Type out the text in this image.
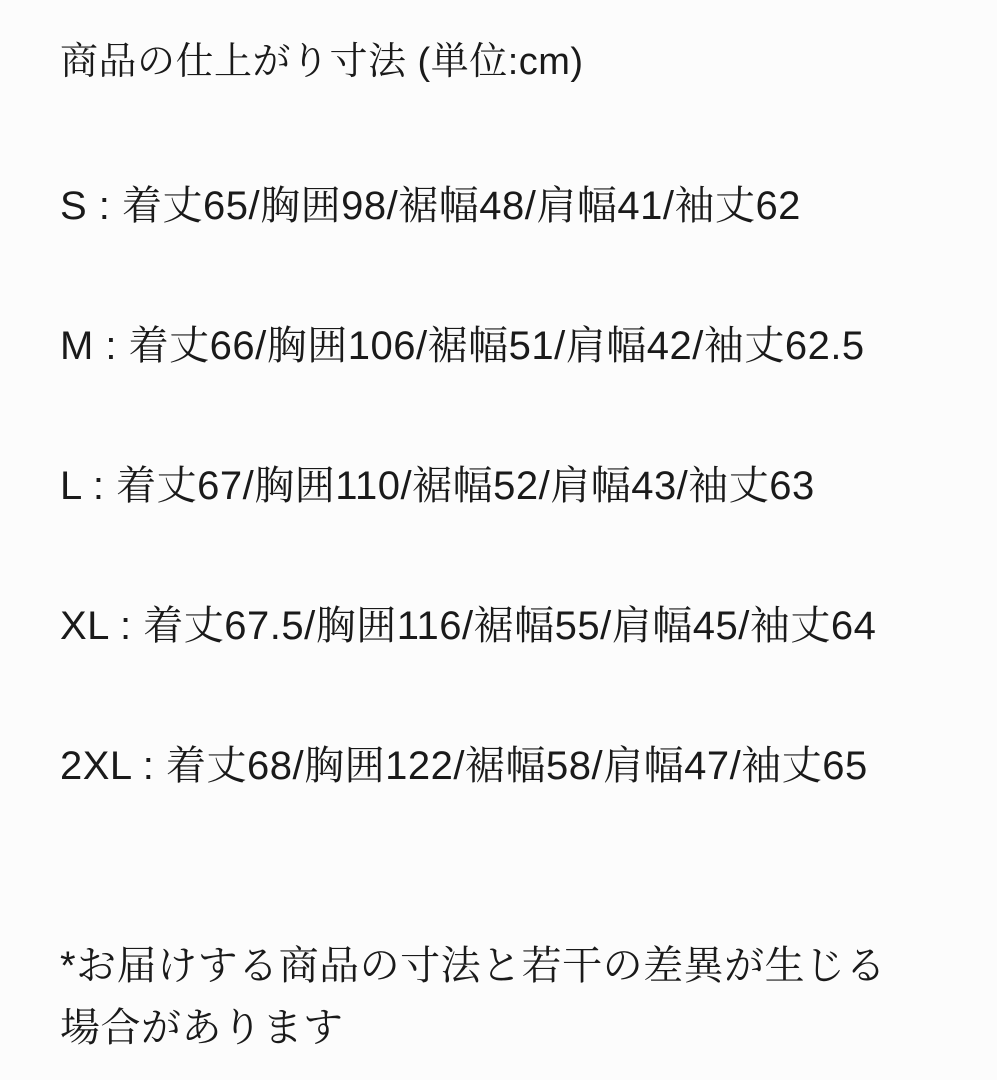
商品の仕上がり寸法 (単位:cm)
S : 着丈65/胸囲98/裾幅48/肩幅41/袖丈62
M : 着丈66/胸囲106/裾幅51/肩幅42/袖丈62.5
L : 着丈67/胸囲110/裾幅52/肩幅43/袖丈63
XL : 着丈67.5/胸囲116/裾幅55/肩幅45/袖丈64
2XL : 着丈68/胸囲122/裾幅58/肩幅47/袖丈65
*お届けする商品の寸法と若干の差異が生じる
場合があります
